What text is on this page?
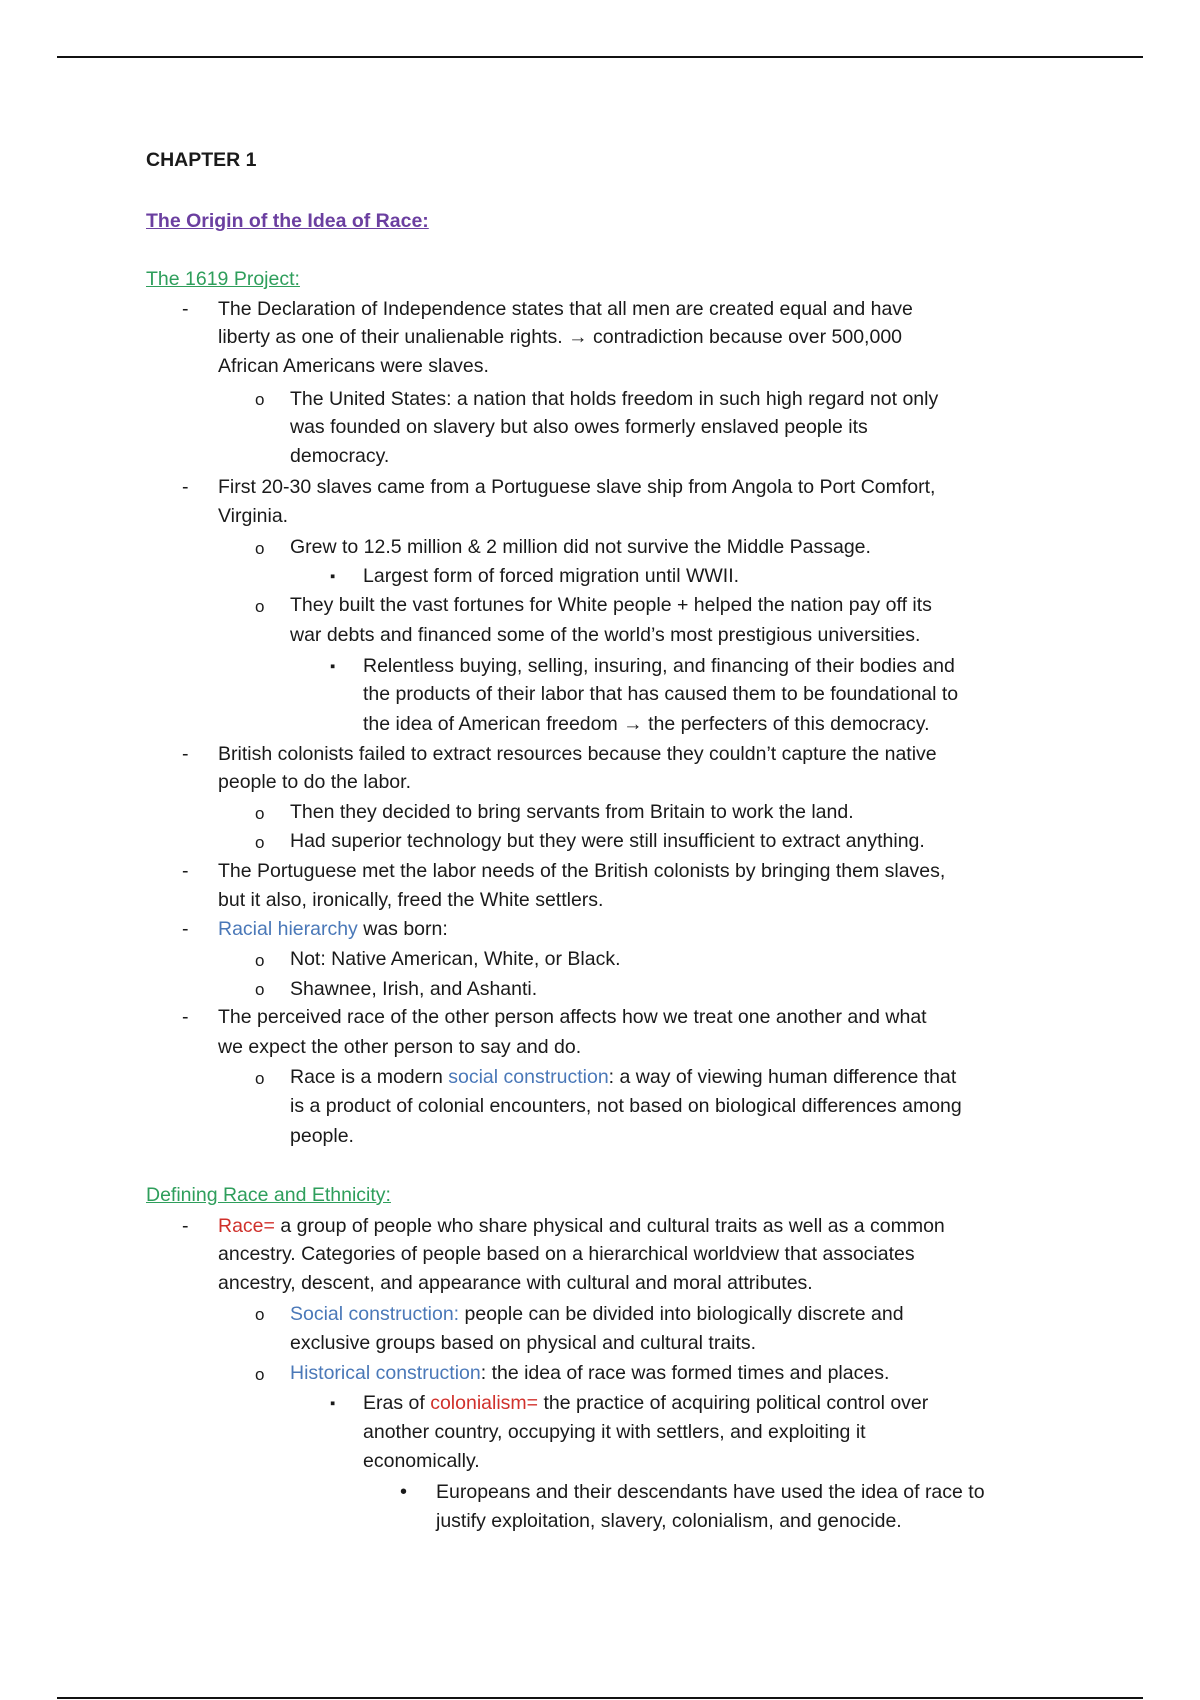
CHAPTER 1
The Origin of the Idea of Race:
The 1619 Project:
- The Declaration of Independence states that all men are created equal and have
liberty as one of their unalienable rights. → contradiction because over 500,000
African Americans were slaves.
o The United States: a nation that holds freedom in such high regard not only
was founded on slavery but also owes formerly enslaved people its
democracy.
- First 20-30 slaves came from a Portuguese slave ship from Angola to Port Comfort,
Virginia.
o Grew to 12.5 million & 2 million did not survive the Middle Passage.
▪ Largest form of forced migration until WWII.
o They built the vast fortunes for White people + helped the nation pay off its
war debts and financed some of the world’s most prestigious universities.
▪ Relentless buying, selling, insuring, and financing of their bodies and
the products of their labor that has caused them to be foundational to
the idea of American freedom → the perfecters of this democracy.
- British colonists failed to extract resources because they couldn’t capture the native
people to do the labor.
o Then they decided to bring servants from Britain to work the land.
o Had superior technology but they were still insufficient to extract anything.
- The Portuguese met the labor needs of the British colonists by bringing them slaves,
but it also, ironically, freed the White settlers.
- Racial hierarchy was born:
o Not: Native American, White, or Black.
o Shawnee, Irish, and Ashanti.
- The perceived race of the other person affects how we treat one another and what
we expect the other person to say and do.
o Race is a modern social construction: a way of viewing human difference that
is a product of colonial encounters, not based on biological differences among
people.
Defining Race and Ethnicity:
- Race= a group of people who share physical and cultural traits as well as a common
ancestry. Categories of people based on a hierarchical worldview that associates
ancestry, descent, and appearance with cultural and moral attributes.
o Social construction: people can be divided into biologically discrete and
exclusive groups based on physical and cultural traits.
o Historical construction: the idea of race was formed times and places.
▪ Eras of colonialism= the practice of acquiring political control over
another country, occupying it with settlers, and exploiting it
economically.
• Europeans and their descendants have used the idea of race to
justify exploitation, slavery, colonialism, and genocide.
